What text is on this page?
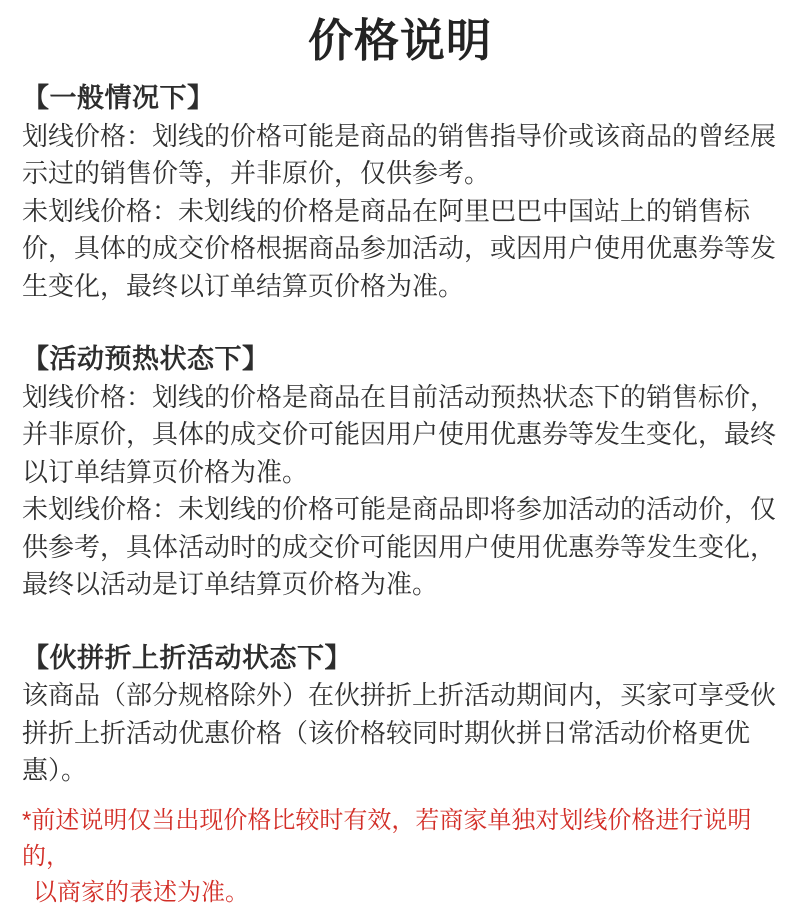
价格说明
【一般情况下】

划线价格：划线的价格可能是商品的销售指导价或该商品的曾经展示过的销售价等，并非原价，仅供参考。

未划线价格：未划线的价格是商品在阿里巴巴中国站上的销售标价，具体的成交价格根据商品参加活动，或因用户使用优惠券等发生变化，最终以订单结算页价格为准。

【活动预热状态下】

划线价格：划线的价格是商品在目前活动预热状态下的销售标价，并非原价，具体的成交价可能因用户使用优惠券等发生变化，最终以订单结算页价格为准。

未划线价格：未划线的价格可能是商品即将参加活动的活动价，仅供参考，具体活动时的成交价可能因用户使用优惠券等发生变化，最终以活动是订单结算页价格为准。

【伙拼折上折活动状态下】

该商品（部分规格除外）在伙拼折上折活动期间内，买家可享受伙拼折上折活动优惠价格（该价格较同时期伙拼日常活动价格更优惠）。

*前述说明仅当出现价格比较时有效，若商家单独对划线价格进行说明的，

以商家的表述为准。
